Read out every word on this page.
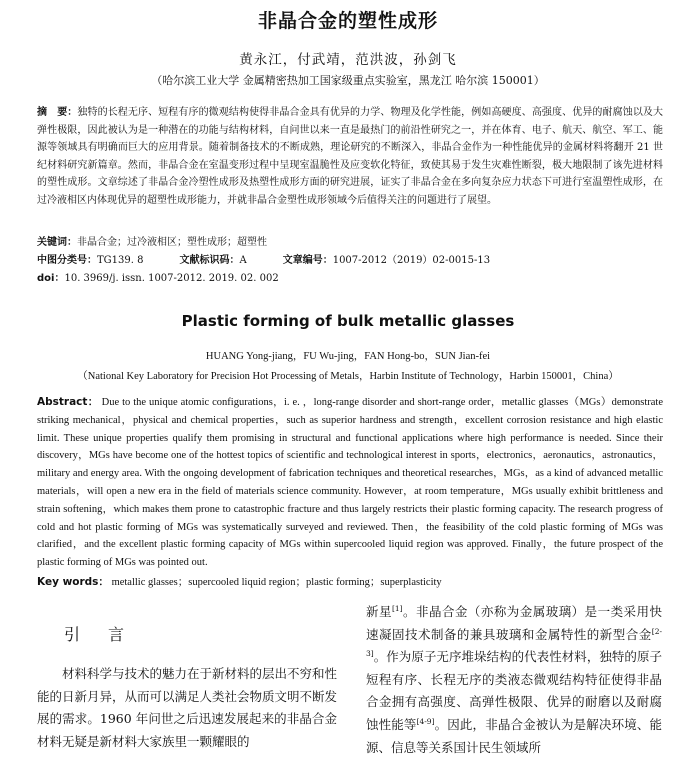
非晶合金的塑性成形
黄永江，付武靖，范洪波，孙剑飞
（哈尔滨工业大学 金属精密热加工国家级重点实验室，黑龙江 哈尔滨 150001）
摘　要：独特的长程无序、短程有序的微观结构使得非晶合金具有优异的力学、物理及化学性能，例如高硬度、高强度、优异的耐腐蚀以及大弹性极限，因此被认为是一种潜在的功能与结构材料，自问世以来一直是最热门的前沿性研究之一，并在体育、电子、航天、航空、军工、能源等领域具有明确而巨大的应用背景。随着制备技术的不断成熟，理论研究的不断深入，非晶合金作为一种性能优异的金属材料将翻开 21 世纪材料研究新篇章。然而，非晶合金在室温变形过程中呈现室温脆性及应变软化特征，致使其易于发生灾难性断裂，极大地限制了该先进材料的塑性成形。文章综述了非晶合金冷塑性成形及热塑性成形方面的研究进展，证实了非晶合金在多向复杂应力状态下可进行室温塑性成形，在过冷液相区内体现优异的超塑性成形能力，并就非晶合金塑性成形领域今后值得关注的问题进行了展望。
关键词：非晶合金；过冷液相区；塑性成形；超塑性
中图分类号：TG139. 8	文献标识码：A	文章编号：1007-2012（2019）02-0015-13
doi：10. 3969/j. issn. 1007-2012. 2019. 02. 002
Plastic forming of bulk metallic glasses
HUANG Yong-jiang，FU Wu-jing，FAN Hong-bo，SUN Jian-fei
（National Key Laboratory for Precision Hot Processing of Metals，Harbin Institute of Technology，Harbin 150001，China）
Abstract： Due to the unique atomic configurations，i. e. ，long-range disorder and short-range order，metallic glasses（MGs）demonstrate striking mechanical，physical and chemical properties，such as superior hardness and strength，excellent corrosion resistance and high elastic limit. These unique properties qualify them promising in structural and functional applications where high performance is needed. Since their discovery，MGs have become one of the hottest topics of scientific and technological interest in sports，electronics，aeronautics，astronautics，military and energy area. With the ongoing development of fabrication techniques and theoretical researches，MGs，as a kind of advanced metallic materials，will open a new era in the field of materials science community. However，at room temperature，MGs usually exhibit brittleness and strain softening，which makes them prone to catastrophic fracture and thus largely restricts their plastic forming capacity. The research progress of cold and hot plastic forming of MGs was systematically surveyed and reviewed. Then，the feasibility of the cold plastic forming of MGs was clarified，and the excellent plastic forming capacity of MGs within supercooled liquid region was approved. Finally，the future prospect of the plastic forming of MGs was pointed out.
Key words： metallic glasses；supercooled liquid region；plastic forming；superplasticity
引　言
材料科学与技术的魅力在于新材料的层出不穷和性能的日新月异，从而可以满足人类社会物质文明不断发展的需求。1960 年问世之后迅速发展起来的非晶合金材料无疑是新材料大家族里一颗耀眼的
新星[1]。非晶合金（亦称为金属玻璃）是一类采用快速凝固技术制备的兼具玻璃和金属特性的新型合金[2-3]。作为原子无序堆垛结构的代表性材料，独特的原子短程有序、长程无序的类液态微观结构特征使得非晶合金拥有高强度、高弹性极限、优异的耐磨以及耐腐蚀性能等[4-9]。因此，非晶合金被认为是解决环境、能源、信息等关系国计民生领域所
